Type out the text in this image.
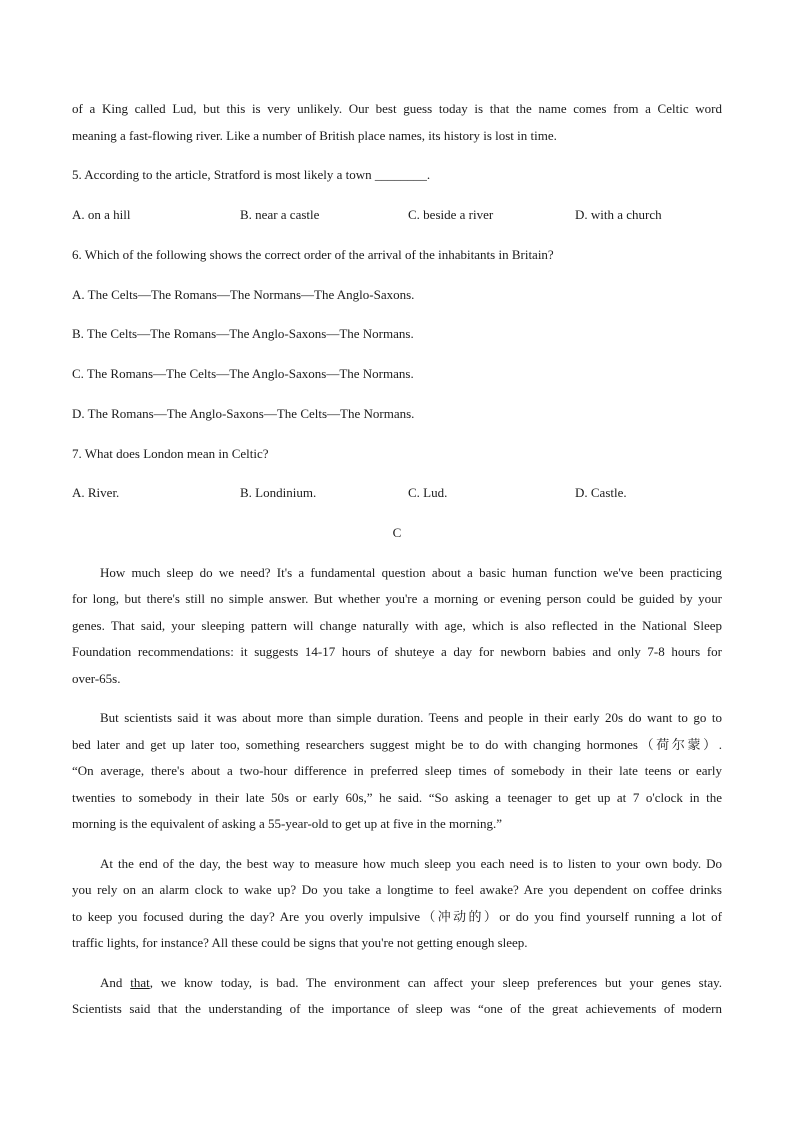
of a King called Lud, but this is very unlikely. Our best guess today is that the name comes from a Celtic word
meaning a fast-flowing river. Like a number of British place names, its history is lost in time.
5. According to the article, Stratford is most likely a town ________.
A. on a hill	B. near a castle	C. beside a river	D. with a church
6. Which of the following shows the correct order of the arrival of the inhabitants in Britain?
A. The Celts—The Romans—The Normans—The Anglo-Saxons.
B. The Celts—The Romans—The Anglo-Saxons—The Normans.
C. The Romans—The Celts—The Anglo-Saxons—The Normans.
D. The Romans—The Anglo-Saxons—The Celts—The Normans.
7. What does London mean in Celtic?
A. River.	B. Londinium.	C. Lud.	D. Castle.
C
How much sleep do we need? It's a fundamental question about a basic human function we've been practicing
for long, but there's still no simple answer. But whether you're a morning or evening person could be guided by your
genes. That said, your sleeping pattern will change naturally with age, which is also reflected in the National Sleep
Foundation recommendations: it suggests 14-17 hours of shuteye a day for newborn babies and only 7-8 hours for
over-65s.
But scientists said it was about more than simple duration. Teens and people in their early 20s do want to go to
bed later and get up later too, something researchers suggest might be to do with changing hormones（荷尔蒙）.
“On average, there's about a two-hour difference in preferred sleep times of somebody in their late teens or early
twenties to somebody in their late 50s or early 60s,” he said. “So asking a teenager to get up at 7 o'clock in the
morning is the equivalent of asking a 55-year-old to get up at five in the morning.”
At the end of the day, the best way to measure how much sleep you each need is to listen to your own body. Do
you rely on an alarm clock to wake up? Do you take a longtime to feel awake? Are you dependent on coffee drinks
to keep you focused during the day? Are you overly impulsive（冲动的）or do you find yourself running a lot of
traffic lights, for instance? All these could be signs that you're not getting enough sleep.
And that, we know today, is bad. The environment can affect your sleep preferences but your genes stay.
Scientists said that the understanding of the importance of sleep was “one of the great achievements of modern
